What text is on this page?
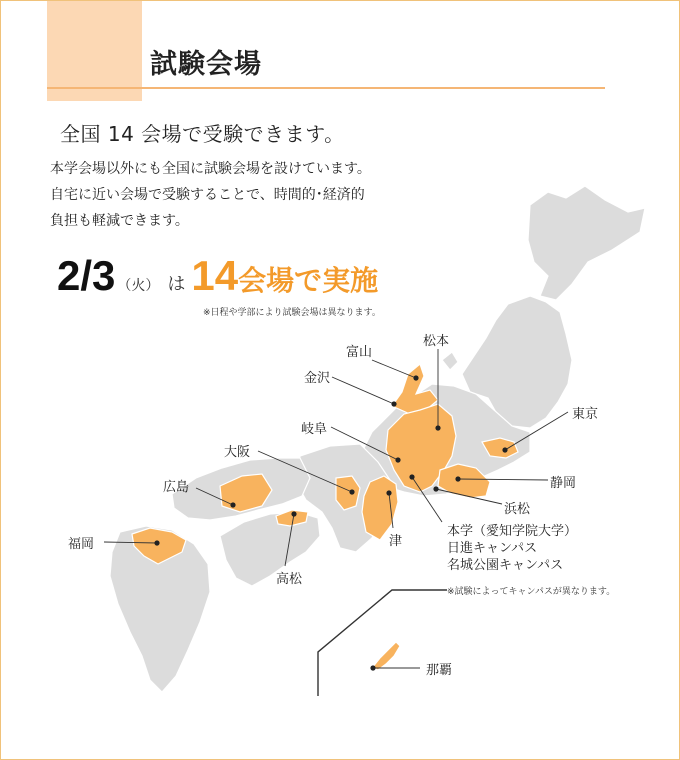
試験会場
全国 14 会場で受験できます。
本学会場以外にも全国に試験会場を設けています。
自宅に近い会場で受験することで、時間的･経済的
負担も軽減できます。
2/3 （火） は 14会場で実施
※日程や学部により試験会場は異なります。
松本
富山
金沢
岐阜
東京
大阪
広島	静岡
浜松
福岡	津
高松
那覇
本学（愛知学院大学）
日進キャンパス
名城公園キャンパス
※試験によってキャンパスが異なります。
